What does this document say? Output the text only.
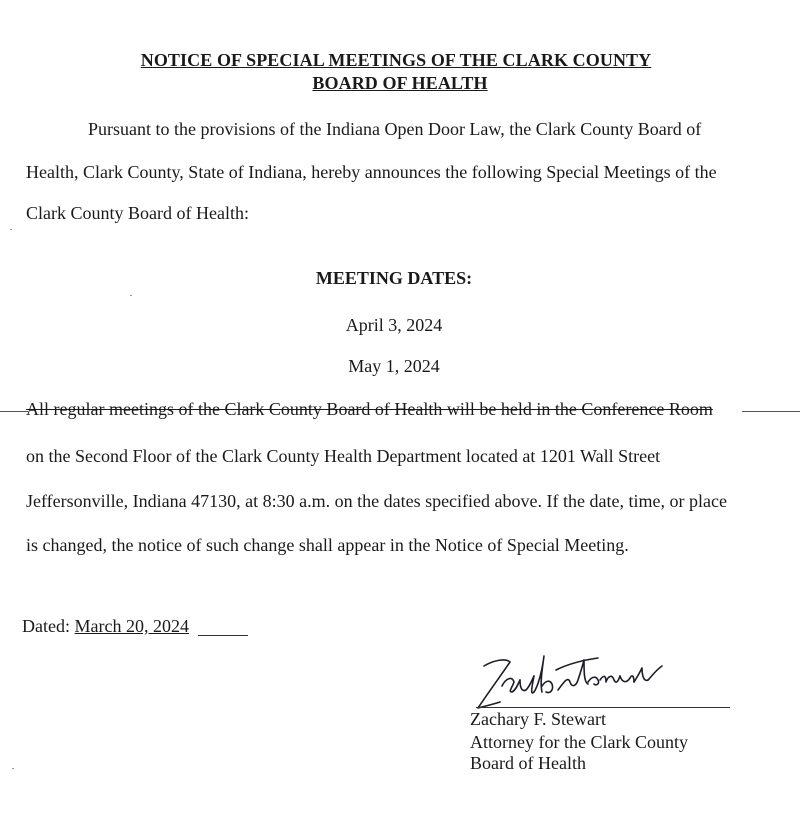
NOTICE OF SPECIAL MEETINGS OF THE CLARK COUNTY
BOARD OF HEALTH
Pursuant to the provisions of the Indiana Open Door Law, the Clark County Board of
Health, Clark County, State of Indiana, hereby announces the following Special Meetings of the
Clark County Board of Health:
MEETING DATES:
April 3, 2024
May 1, 2024
All regular meetings of the Clark County Board of Health will be held in the Conference Room
on the Second Floor of the Clark County Health Department located at 1201 Wall Street
Jeffersonville, Indiana 47130, at 8:30 a.m. on the dates specified above. If the date, time, or place
is changed, the notice of such change shall appear in the Notice of Special Meeting.
Dated: March 20, 2024
Zachary F. Stewart
Attorney for the Clark County
Board of Health
